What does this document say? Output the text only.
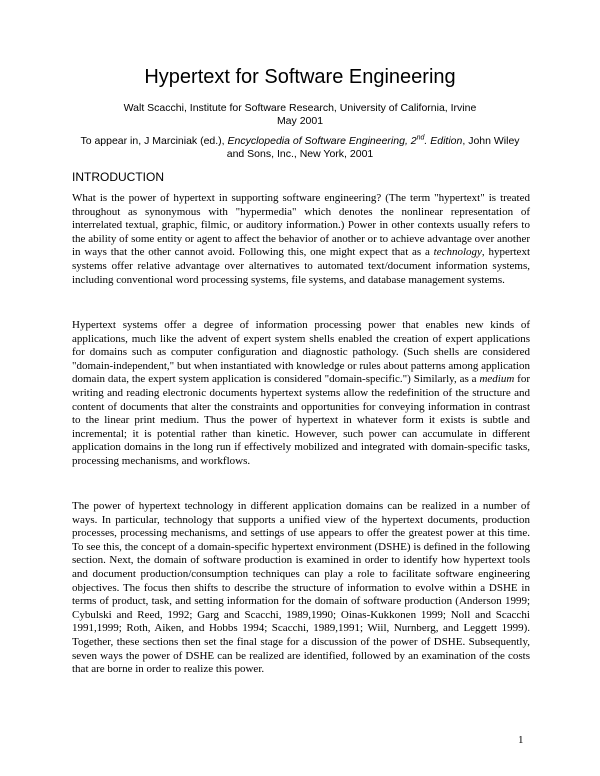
Hypertext for Software Engineering
Walt Scacchi, Institute for Software Research, University of California, Irvine
May 2001
To appear in, J Marciniak (ed.), Encyclopedia of Software Engineering, 2nd. Edition, John Wiley and Sons, Inc., New York, 2001
INTRODUCTION

What is the power of hypertext in supporting software engineering? (The term "hypertext" is treated throughout as synonymous with "hypermedia" which denotes the nonlinear representation of interrelated textual, graphic, filmic, or auditory information.) Power in other contexts usually refers to the ability of some entity or agent to affect the behavior of another or to achieve advantage over another in ways that the other cannot avoid. Following this, one might expect that as a technology, hypertext systems offer relative advantage over alternatives to automated text/document information systems, including conventional word processing systems, file systems, and database management systems.

Hypertext systems offer a degree of information processing power that enables new kinds of applications, much like the advent of expert system shells enabled the creation of expert applications for domains such as computer configuration and diagnostic pathology. (Such shells are considered "domain-independent," but when instantiated with knowledge or rules about patterns among application domain data, the expert system application is considered "domain-specific.") Similarly, as a medium for writing and reading electronic documents hypertext systems allow the redefinition of the structure and content of documents that alter the constraints and opportunities for conveying information in contrast to the linear print medium. Thus the power of hypertext in whatever form it exists is subtle and incremental; it is potential rather than kinetic. However, such power can accumulate in different application domains in the long run if effectively mobilized and integrated with domain-specific tasks, processing mechanisms, and workflows.

The power of hypertext technology in different application domains can be realized in a number of ways. In particular, technology that supports a unified view of the hypertext documents, production processes, processing mechanisms, and settings of use appears to offer the greatest power at this time. To see this, the concept of a domain-specific hypertext environment (DSHE) is defined in the following section. Next, the domain of software production is examined in order to identify how hypertext tools and document production/consumption techniques can play a role to facilitate software engineering objectives. The focus then shifts to describe the structure of information to evolve within a DSHE in terms of product, task, and setting information for the domain of software production (Anderson 1999; Cybulski and Reed, 1992; Garg and Scacchi, 1989,1990; Oinas-Kukkonen 1999; Noll and Scacchi 1991,1999; Roth, Aiken, and Hobbs 1994; Scacchi, 1989,1991; Wiil, Nurnberg, and Leggett 1999). Together, these sections then set the final stage for a discussion of the power of DSHE. Subsequently, seven ways the power of DSHE can be realized are identified, followed by an examination of the costs that are borne in order to realize this power.

1
